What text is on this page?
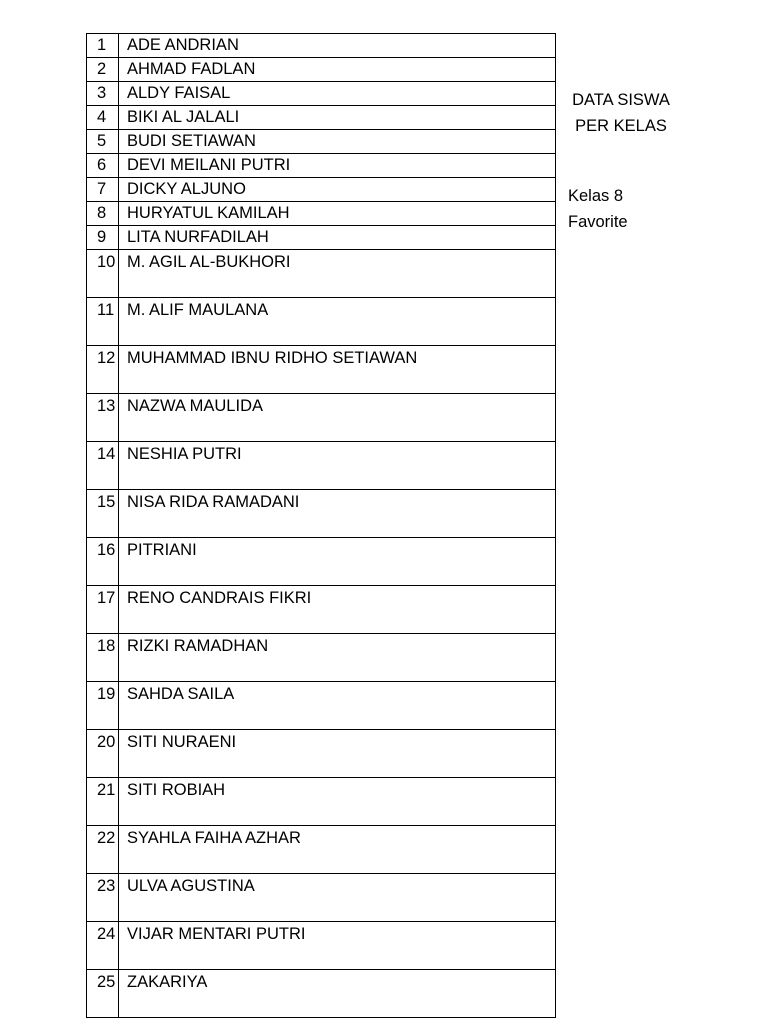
1	ADE ANDRIAN
2	AHMAD FADLAN
3	ALDY FAISAL
4	BIKI AL JALALI
5	BUDI SETIAWAN
6	DEVI MEILANI PUTRI
7	DICKY ALJUNO
8	HURYATUL KAMILAH
9	LITA NURFADILAH
10	M. AGIL AL-BUKHORI
11	M. ALIF MAULANA
12	MUHAMMAD IBNU RIDHO SETIAWAN
13	NAZWA MAULIDA
14	NESHIA PUTRI
15	NISA RIDA RAMADANI
16	PITRIANI
17	RENO CANDRAIS FIKRI
18	RIZKI RAMADHAN
19	SAHDA SAILA
20	SITI NURAENI
21	SITI ROBIAH
22	SYAHLA FAIHA AZHAR
23	ULVA AGUSTINA
24	VIJAR MENTARI PUTRI
25	ZAKARIYA
DATA SISWA
PER KELAS
Kelas 8
Favorite
